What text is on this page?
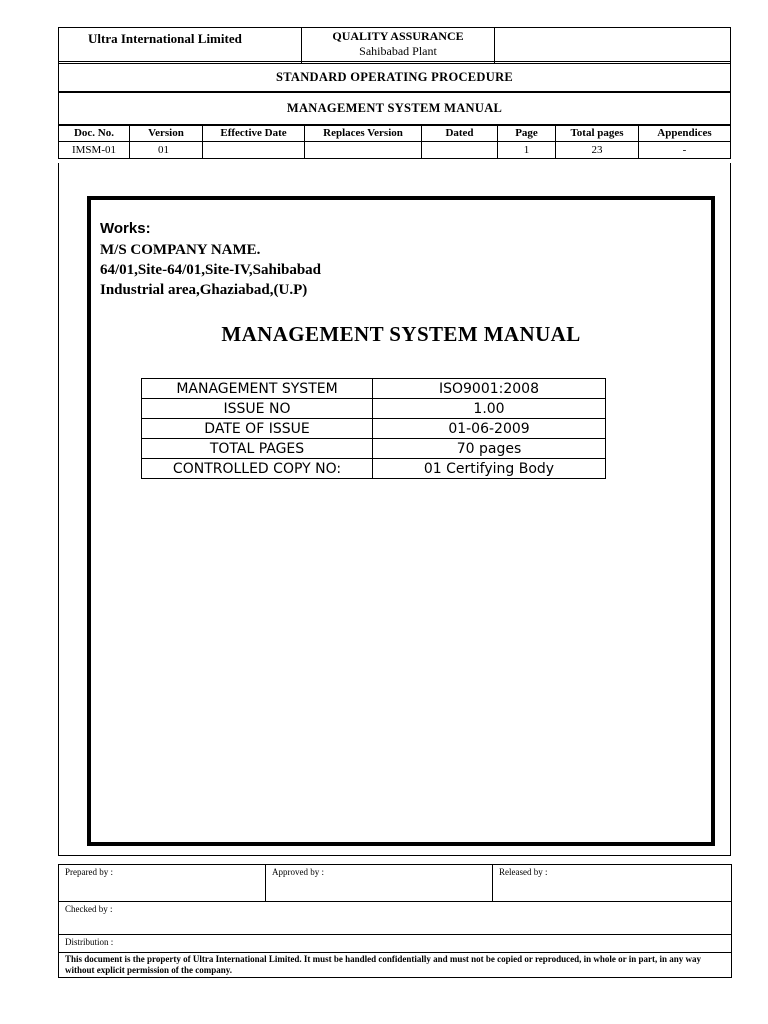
Ultra International Limited	QUALITY ASSURANCE
Sahibabad Plant

STANDARD OPERATING PROCEDURE
MANAGEMENT SYSTEM MANUAL
Doc. No.	Version	Effective Date	Replaces Version	Dated	Page	Total pages	Appendices
IMSM-01	01				1	23	-
Works:
M/S COMPANY NAME.
64/01,Site-64/01,Site-IV,Sahibabad
Industrial area,Ghaziabad,(U.P)
MANAGEMENT SYSTEM MANUAL
MANAGEMENT SYSTEM	ISO9001:2008
ISSUE NO	1.00
DATE OF ISSUE	01-06-2009
TOTAL PAGES	70 pages
CONTROLLED COPY NO:	01 Certifying Body
Prepared by :	Approved by :	Released by :
Checked by :
Distribution :
This document is the property of Ultra International Limited. It must be handled confidentially and must not be copied or reproduced, in whole or in part, in any way without explicit permission of the company.
